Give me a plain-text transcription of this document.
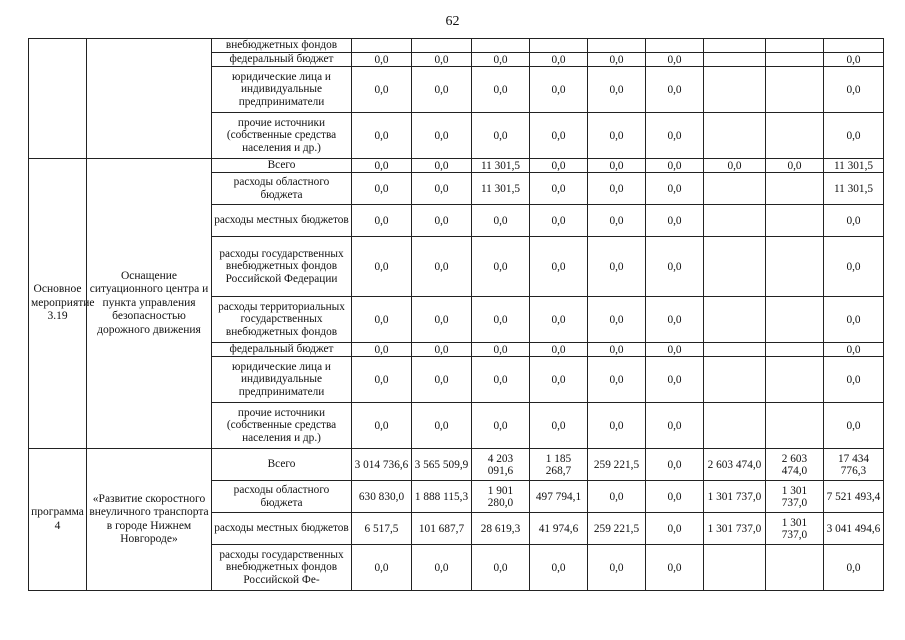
62
		внебюджетных фондов									
		федеральный бюджет	0,0	0,0	0,0	0,0	0,0	0,0			0,0
		юридические лица и индивидуальные предприниматели	0,0	0,0	0,0	0,0	0,0	0,0			0,0
		прочие источники (собственные средства населения и др.)	0,0	0,0	0,0	0,0	0,0	0,0			0,0
Основное мероприятие 3.19	Оснащение ситуационного центра и пункта управления безопасностью дорожного движения	Всего	0,0	0,0	11 301,5	0,0	0,0	0,0	0,0	0,0	11 301,5
		расходы областного бюджета	0,0	0,0	11 301,5	0,0	0,0	0,0			11 301,5
		расходы местных бюджетов	0,0	0,0	0,0	0,0	0,0	0,0			0,0
		расходы государственных внебюджетных фондов Российской Федерации	0,0	0,0	0,0	0,0	0,0	0,0			0,0
		расходы территориальных государственных внебюджетных фондов	0,0	0,0	0,0	0,0	0,0	0,0			0,0
		федеральный бюджет	0,0	0,0	0,0	0,0	0,0	0,0			0,0
		юридические лица и индивидуальные предприниматели	0,0	0,0	0,0	0,0	0,0	0,0			0,0
		прочие источники (собственные средства населения и др.)	0,0	0,0	0,0	0,0	0,0	0,0			0,0
программа 4	«Развитие скоростного внеуличного транспорта в городе Нижнем Новгороде»	Всего	3 014 736,6	3 565 509,9	4 203 091,6	1 185 268,7	259 221,5	0,0	2 603 474,0	2 603 474,0	17 434 776,3
		расходы областного бюджета	630 830,0	1 888 115,3	1 901 280,0	497 794,1	0,0	0,0	1 301 737,0	1 301 737,0	7 521 493,4
		расходы местных бюджетов	6 517,5	101 687,7	28 619,3	41 974,6	259 221,5	0,0	1 301 737,0	1 301 737,0	3 041 494,6
		расходы государственных внебюджетных фондов Российской Фе-	0,0	0,0	0,0	0,0	0,0	0,0			0,0
